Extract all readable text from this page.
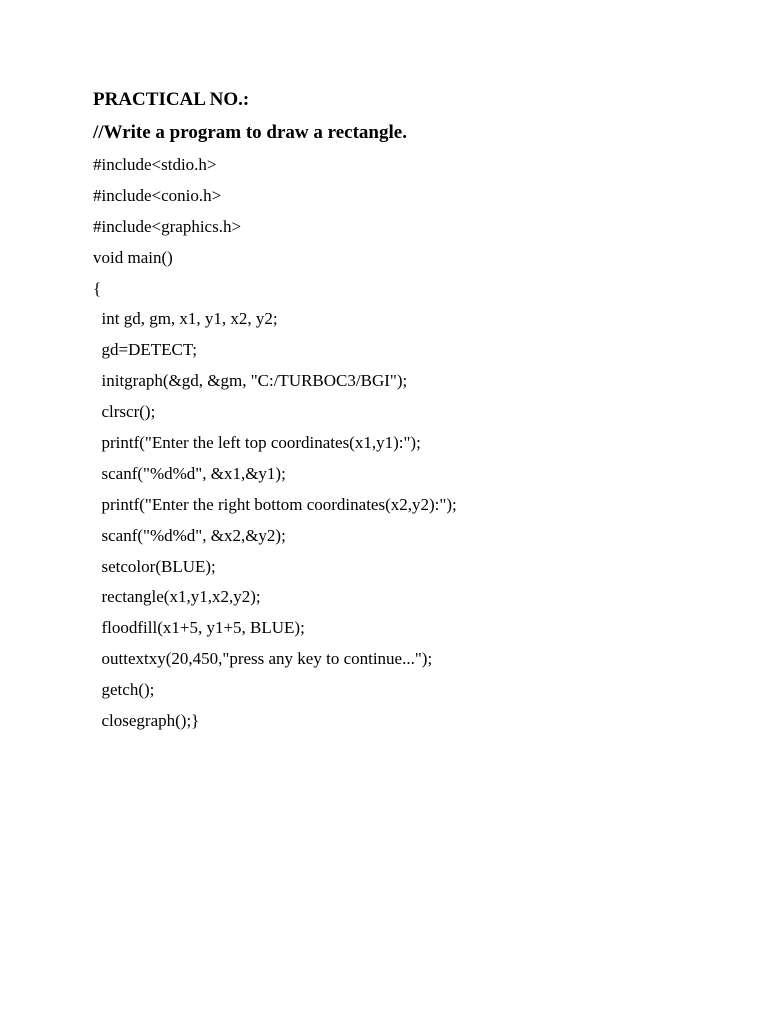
PRACTICAL NO.:
//Write a program to draw a rectangle.
#include<stdio.h>
#include<conio.h>
#include<graphics.h>
void main()
{
int gd, gm, x1, y1, x2, y2;
gd=DETECT;
initgraph(&gd, &gm, "C:/TURBOC3/BGI");
clrscr();
printf("Enter the left top coordinates(x1,y1):");
scanf("%d%d", &x1,&y1);
printf("Enter the right bottom coordinates(x2,y2):");
scanf("%d%d", &x2,&y2);
setcolor(BLUE);
rectangle(x1,y1,x2,y2);
floodfill(x1+5, y1+5, BLUE);
outtextxy(20,450,"press any key to continue...");
getch();
closegraph();}
